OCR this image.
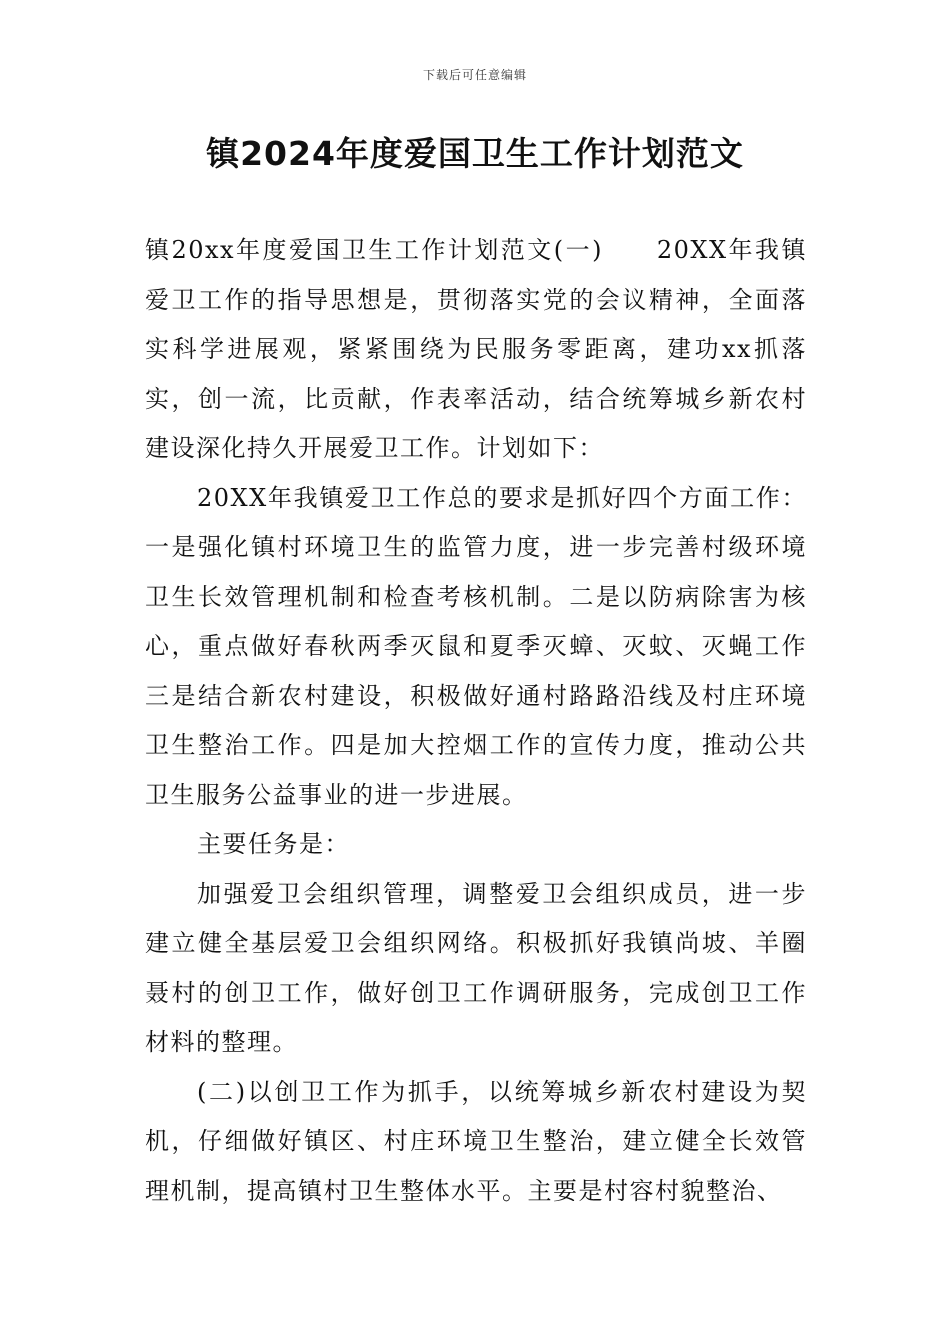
下载后可任意编辑
镇2024年度爱国卫生工作计划范文

镇20xx年度爱国卫生工作计划范文(一)　　20XX年我镇爱卫工作的指导思想是，贯彻落实党的会议精神，全面落实科学进展观，紧紧围绕为民服务零距离，建功xx抓落实，创一流，比贡献，作表率活动，结合统筹城乡新农村建设深化持久开展爱卫工作。计划如下：

20XX年我镇爱卫工作总的要求是抓好四个方面工作：一是强化镇村环境卫生的监管力度，进一步完善村级环境卫生长效管理机制和检查考核机制。二是以防病除害为核心，重点做好春秋两季灭鼠和夏季灭蟑、灭蚊、灭蝇工作三是结合新农村建设，积极做好通村路路沿线及村庄环境卫生整治工作。四是加大控烟工作的宣传力度，推动公共卫生服务公益事业的进一步进展。

主要任务是：

加强爱卫会组织管理，调整爱卫会组织成员，进一步建立健全基层爱卫会组织网络。积极抓好我镇尚坡、羊圈聂村的创卫工作，做好创卫工作调研服务，完成创卫工作材料的整理。

(二)以创卫工作为抓手，以统筹城乡新农村建设为契机，仔细做好镇区、村庄环境卫生整治，建立健全长效管理机制，提高镇村卫生整体水平。主要是村容村貌整治、
